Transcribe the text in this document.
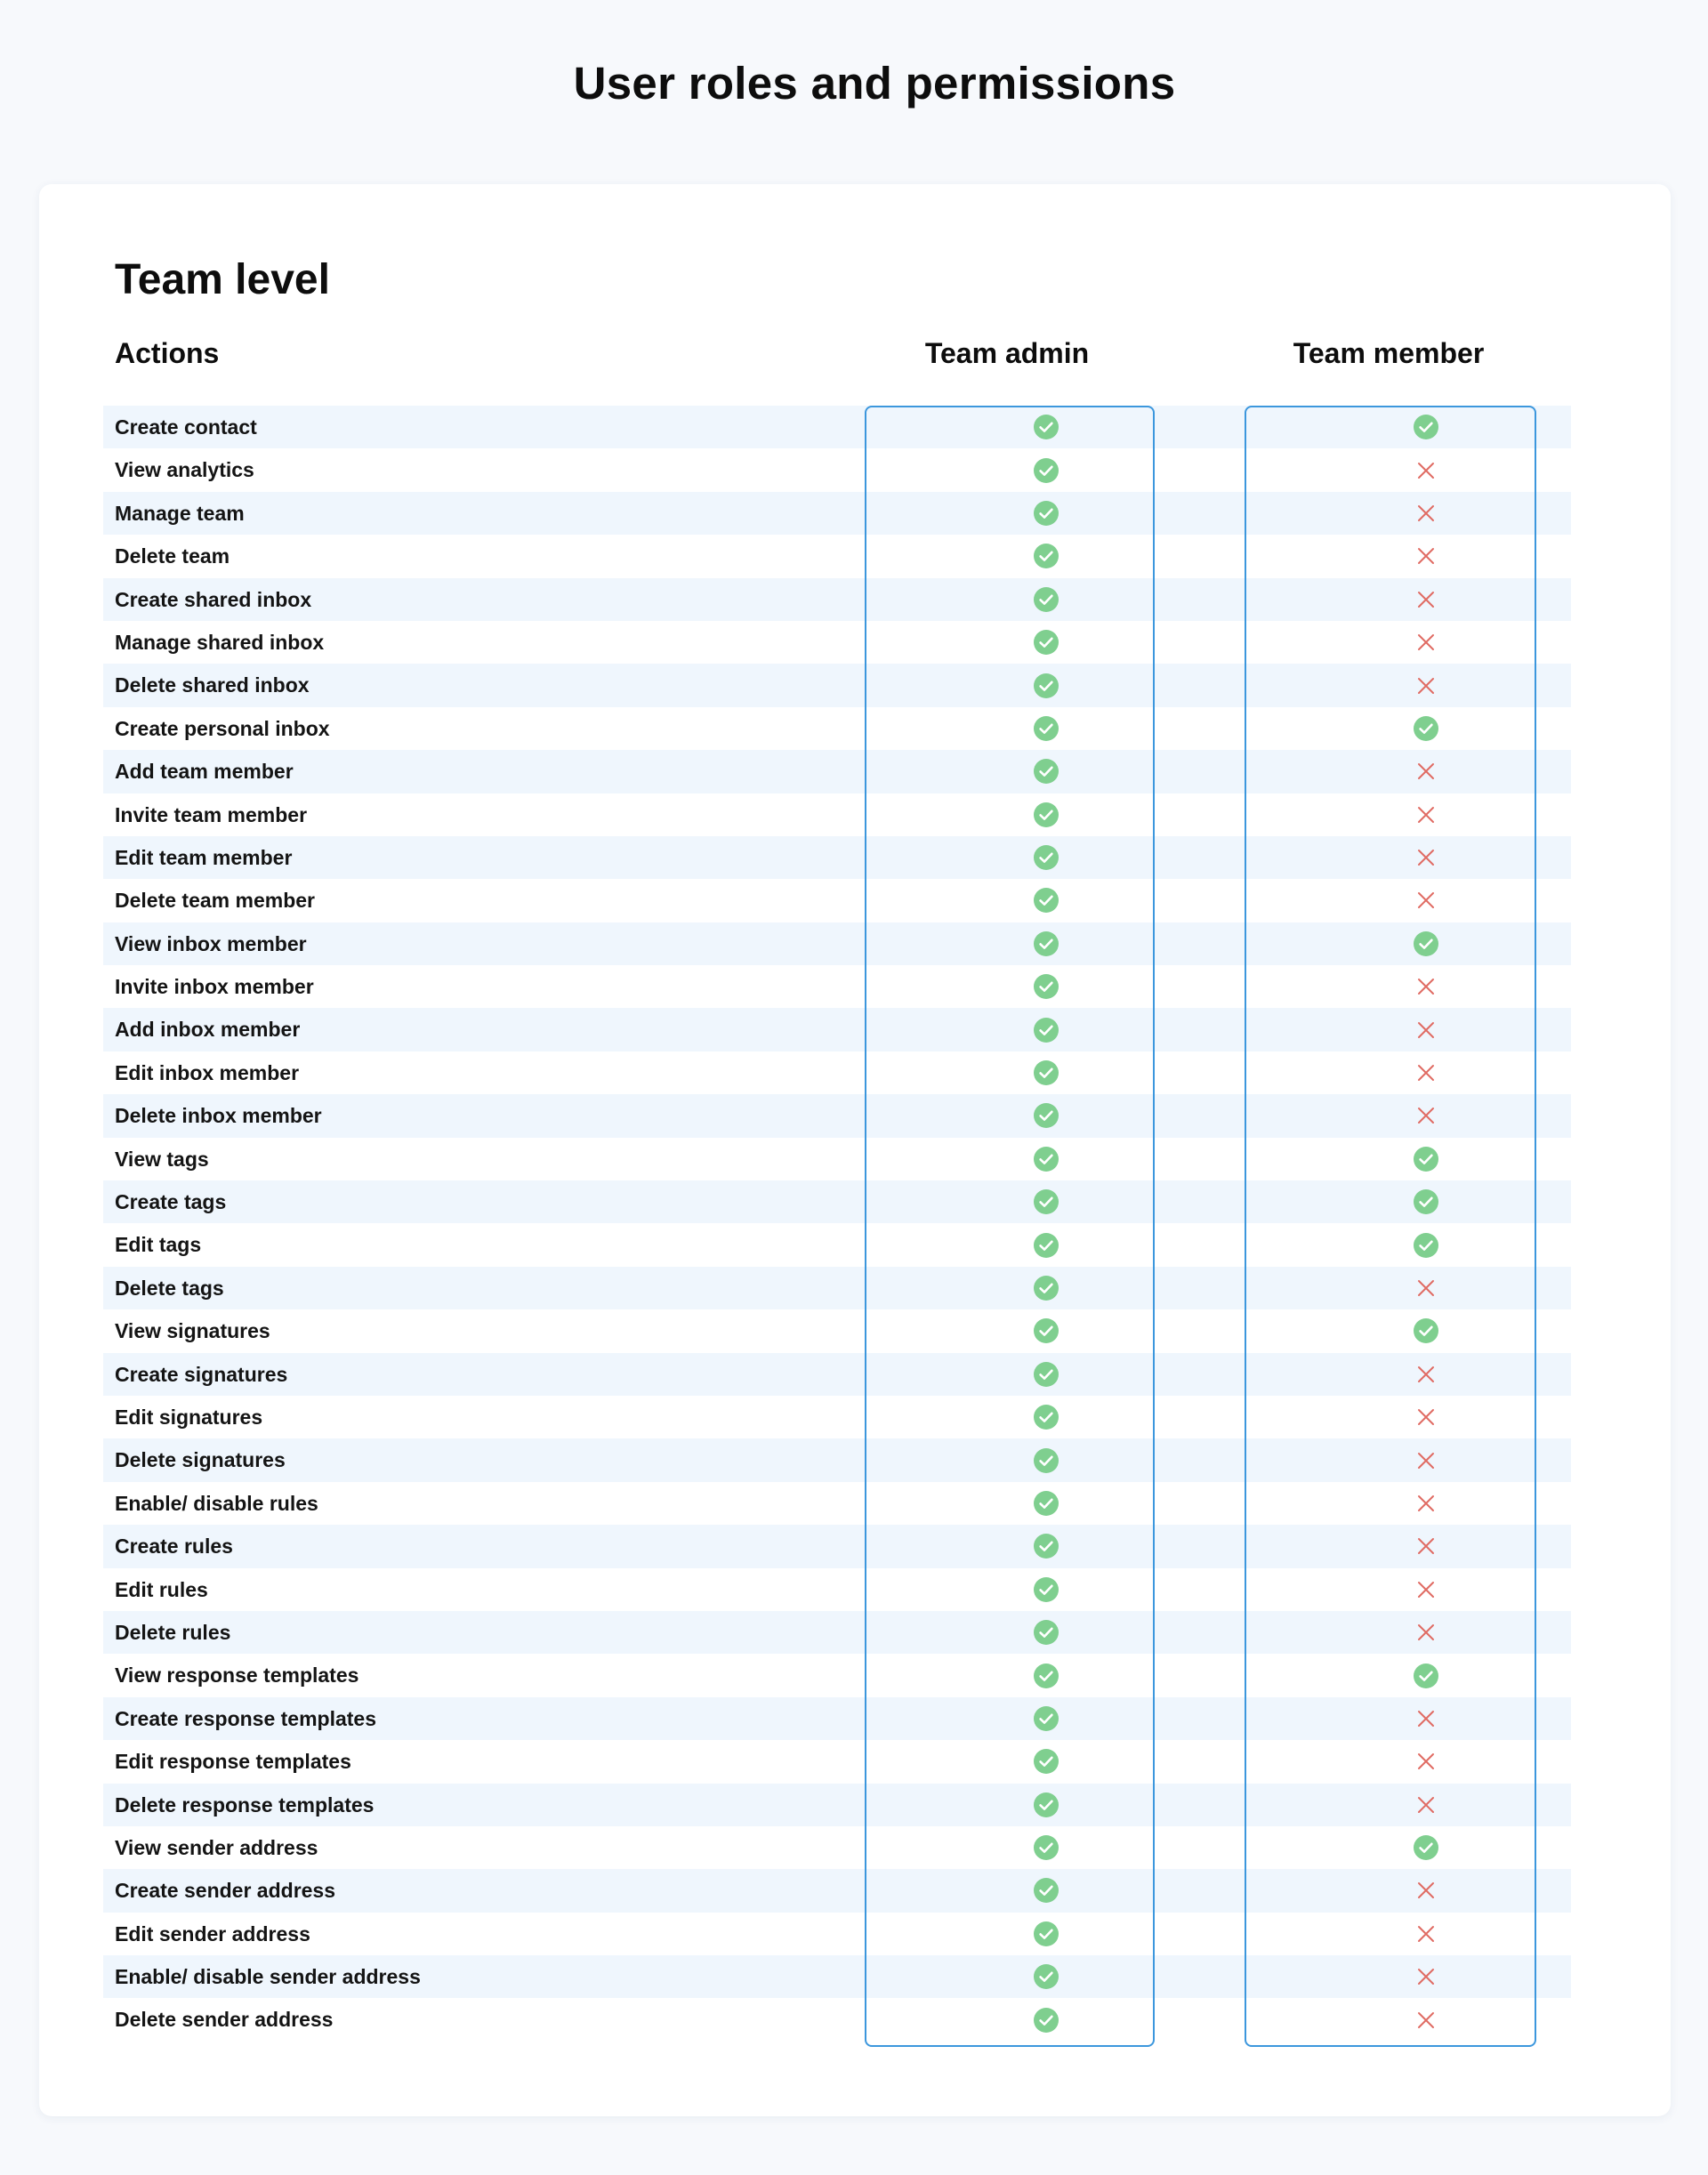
User roles and permissions
Team level
Actions	Team admin	Team member
Create contact
View analytics
Manage team
Delete team
Create shared inbox
Manage shared inbox
Delete shared inbox
Create personal inbox
Add team member
Invite team member
Edit team member
Delete team member
View inbox member
Invite inbox member
Add inbox member
Edit inbox member
Delete inbox member
View tags
Create tags
Edit tags
Delete tags
View signatures
Create signatures
Edit signatures
Delete signatures
Enable/ disable rules
Create rules
Edit rules
Delete rules
View response templates
Create response templates
Edit response templates
Delete response templates
View sender address
Create sender address
Edit sender address
Enable/ disable sender address
Delete sender address
